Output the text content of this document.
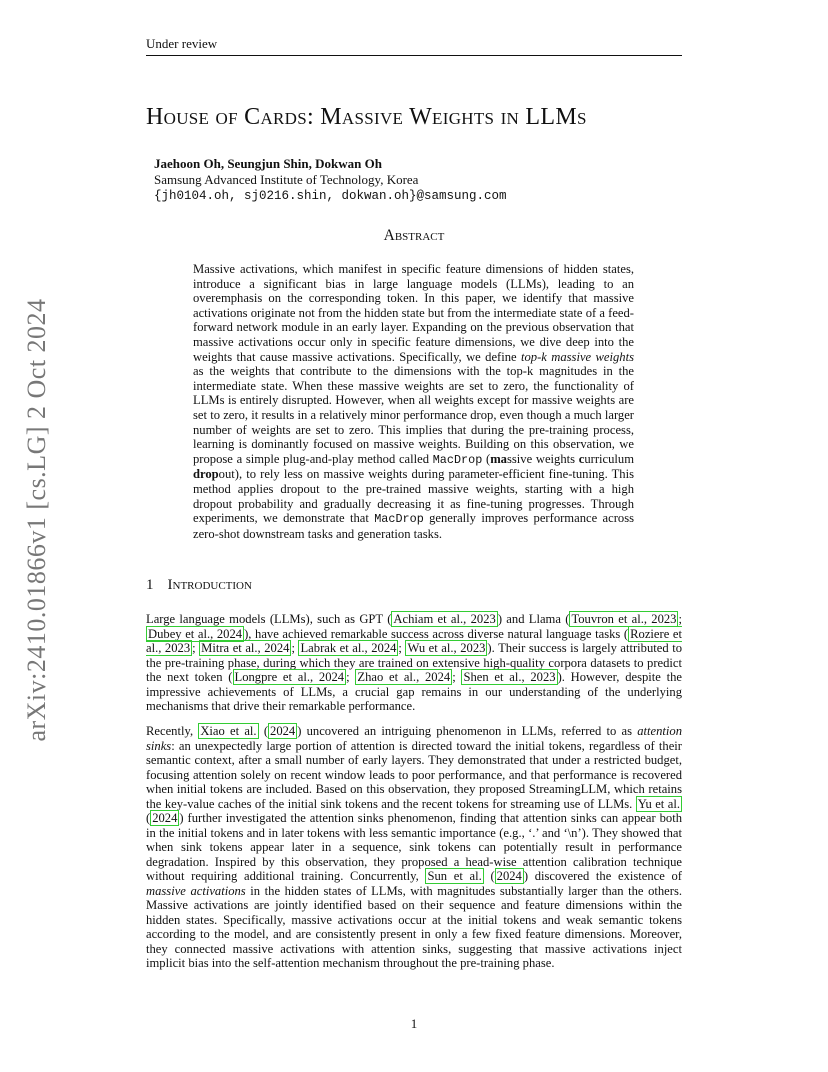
Under review
arXiv:2410.01866v1 [cs.LG] 2 Oct 2024
House of Cards: Massive Weights in LLMs
Jaehoon Oh, Seungjun Shin, Dokwan Oh
Samsung Advanced Institute of Technology, Korea
{jh0104.oh, sj0216.shin, dokwan.oh}@samsung.com
Abstract
Massive activations, which manifest in specific feature dimensions of hidden states, introduce a significant bias in large language models (LLMs), leading to an overemphasis on the corresponding token. In this paper, we identify that massive activations originate not from the hidden state but from the intermediate state of a feed-forward network module in an early layer. Expanding on the previous observation that massive activations occur only in specific feature dimensions, we dive deep into the weights that cause massive activations. Specifically, we define top-k massive weights as the weights that contribute to the dimensions with the top-k magnitudes in the intermediate state. When these massive weights are set to zero, the functionality of LLMs is entirely disrupted. However, when all weights except for massive weights are set to zero, it results in a relatively minor performance drop, even though a much larger number of weights are set to zero. This implies that during the pre-training process, learning is dominantly focused on massive weights. Building on this observation, we propose a simple plug-and-play method called MacDrop (massive weights curriculum dropout), to rely less on massive weights during parameter-efficient fine-tuning. This method applies dropout to the pre-trained massive weights, starting with a high dropout probability and gradually decreasing it as fine-tuning progresses. Through experiments, we demonstrate that MacDrop generally improves performance across zero-shot downstream tasks and generation tasks.
1 Introduction
Large language models (LLMs), such as GPT ( Achiam et al., 2023 ) and Llama ( Touvron et al., 2023 ; Dubey et al., 2024 ), have achieved remarkable success across diverse natural language tasks ( Roziere et al., 2023 ; Mitra et al., 2024 ; Labrak et al., 2024 ; Wu et al., 2023 ). Their success is largely attributed to the pre-training phase, during which they are trained on extensive high-quality corpora datasets to predict the next token ( Longpre et al., 2024 ; Zhao et al., 2024 ; Shen et al., 2023 ). However, despite the impressive achievements of LLMs, a crucial gap remains in our understanding of the underlying mechanisms that drive their remarkable performance.
Recently, Xiao et al. ( 2024 ) uncovered an intriguing phenomenon in LLMs, referred to as attention sinks: an unexpectedly large portion of attention is directed toward the initial tokens, regardless of their semantic context, after a small number of early layers. They demonstrated that under a restricted budget, focusing attention solely on recent window leads to poor performance, and that performance is recovered when initial tokens are included. Based on this observation, they proposed StreamingLLM, which retains the key-value caches of the initial sink tokens and the recent tokens for streaming use of LLMs. Yu et al. ( 2024 ) further investigated the attention sinks phenomenon, finding that attention sinks can appear both in the initial tokens and in later tokens with less semantic importance (e.g., ‘.’ and ‘\n’). They showed that when sink tokens appear later in a sequence, sink tokens can potentially result in performance degradation. Inspired by this observation, they proposed a head-wise attention calibration technique without requiring additional training. Concurrently, Sun et al. ( 2024 ) discovered the existence of massive activations in the hidden states of LLMs, with magnitudes substantially larger than the others. Massive activations are jointly identified based on their sequence and feature dimensions within the hidden states. Specifically, massive activations occur at the initial tokens and weak semantic tokens according to the model, and are consistently present in only a few fixed feature dimensions. Moreover, they connected massive activations with attention sinks, suggesting that massive activations inject implicit bias into the self-attention mechanism throughout the pre-training phase.
1
